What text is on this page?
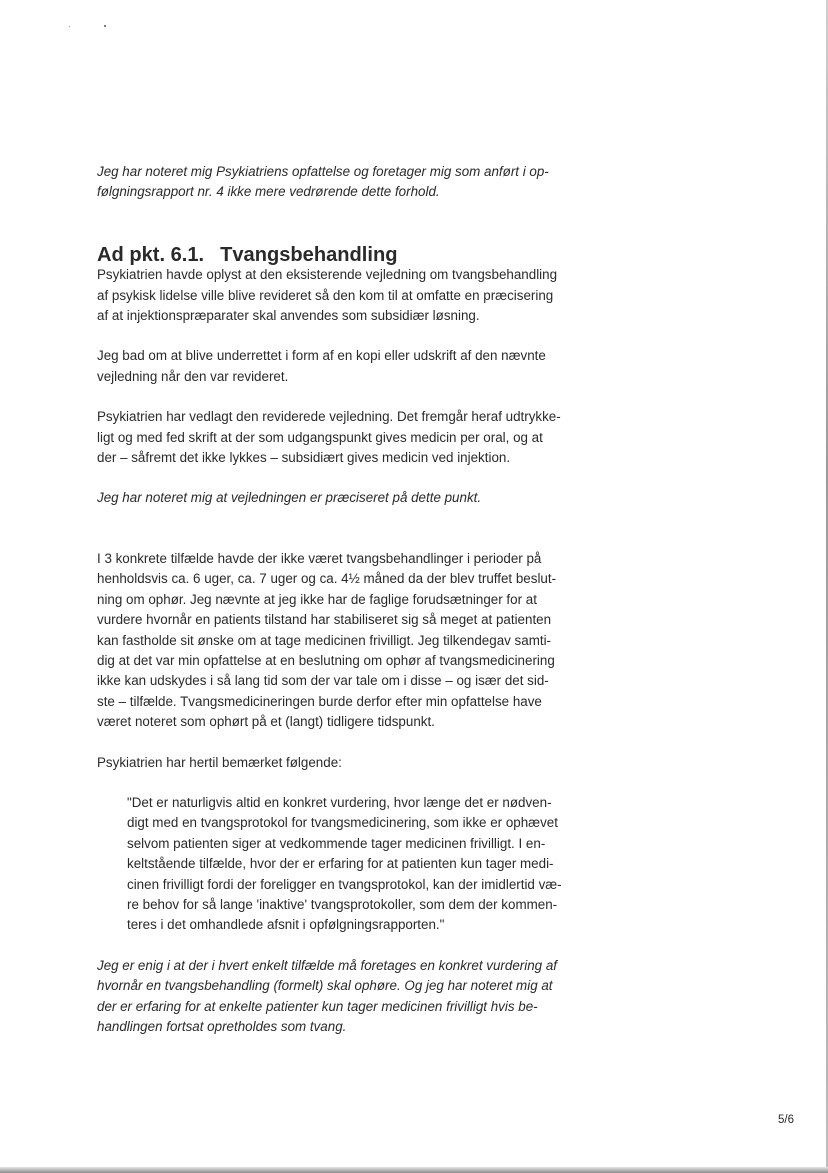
Jeg har noteret mig Psykiatriens opfattelse og foretager mig som anført i op-
følgningsrapport nr. 4 ikke mere vedrørende dette forhold.

Ad pkt. 6.1. Tvangsbehandling

Psykiatrien havde oplyst at den eksisterende vejledning om tvangsbehandling
af psykisk lidelse ville blive revideret så den kom til at omfatte en præcisering
af at injektionspræparater skal anvendes som subsidiær løsning.

Jeg bad om at blive underrettet i form af en kopi eller udskrift af den nævnte
vejledning når den var revideret.

Psykiatrien har vedlagt den reviderede vejledning. Det fremgår heraf udtrykke-
ligt og med fed skrift at der som udgangspunkt gives medicin per oral, og at
der – såfremt det ikke lykkes – subsidiært gives medicin ved injektion.

Jeg har noteret mig at vejledningen er præciseret på dette punkt.

I 3 konkrete tilfælde havde der ikke været tvangsbehandlinger i perioder på
henholdsvis ca. 6 uger, ca. 7 uger og ca. 4½ måned da der blev truffet beslut-
ning om ophør. Jeg nævnte at jeg ikke har de faglige forudsætninger for at
vurdere hvornår en patients tilstand har stabiliseret sig så meget at patienten
kan fastholde sit ønske om at tage medicinen frivilligt. Jeg tilkendegav samti-
dig at det var min opfattelse at en beslutning om ophør af tvangsmedicinering
ikke kan udskydes i så lang tid som der var tale om i disse – og især det sid-
ste – tilfælde. Tvangsmedicineringen burde derfor efter min opfattelse have
været noteret som ophørt på et (langt) tidligere tidspunkt.

Psykiatrien har hertil bemærket følgende:

"Det er naturligvis altid en konkret vurdering, hvor længe det er nødven-
digt med en tvangsprotokol for tvangsmedicinering, som ikke er ophævet
selvom patienten siger at vedkommende tager medicinen frivilligt. I en-
keltstående tilfælde, hvor der er erfaring for at patienten kun tager medi-
cinen frivilligt fordi der foreligger en tvangsprotokol, kan der imidlertid væ-
re behov for så lange 'inaktive' tvangsprotokoller, som dem der kommen-
teres i det omhandlede afsnit i opfølgningsrapporten."

Jeg er enig i at der i hvert enkelt tilfælde må foretages en konkret vurdering af
hvornår en tvangsbehandling (formelt) skal ophøre. Og jeg har noteret mig at
der er erfaring for at enkelte patienter kun tager medicinen frivilligt hvis be-
handlingen fortsat opretholdes som tvang.

5/6
